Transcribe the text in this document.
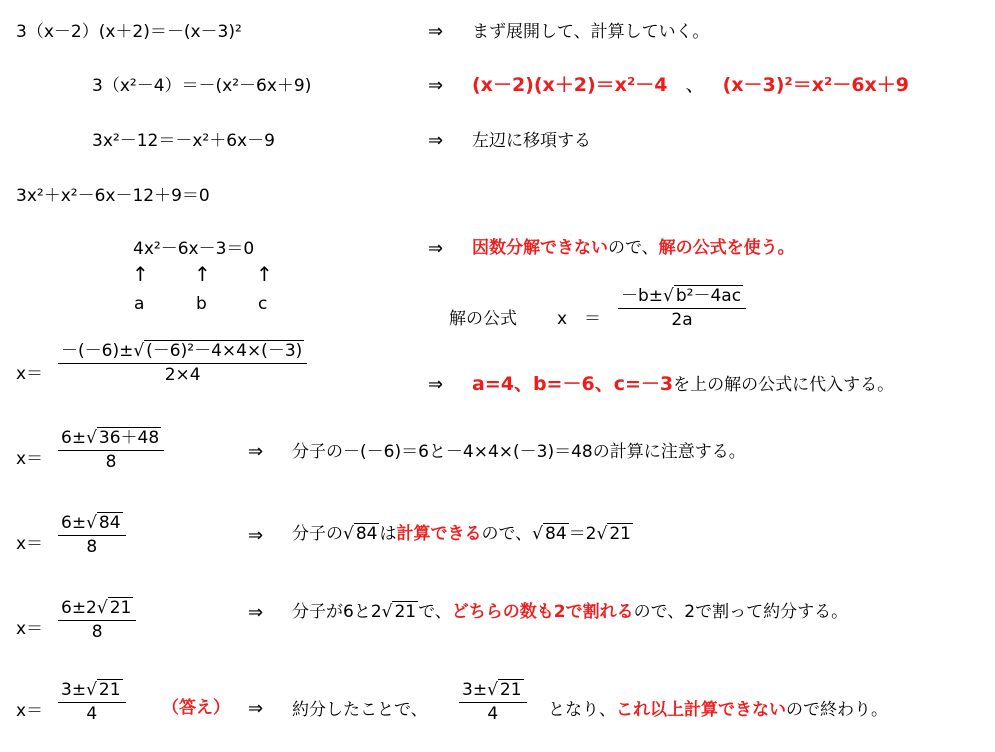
3（x－2）(x＋2)＝－(x－3)²	⇒ まず展開して、計算していく。
3（x²－4）＝－(x²－6x＋9)	⇒ (x－2)(x＋2)＝x²－4 、 (x－3)²＝x²－6x＋9
3x²－12＝－x²＋6x－9	⇒ 左辺に移項する
3x²＋x²－6x－12＋9＝0
4x²－6x－3＝0	⇒ 因数分解できないので、解の公式を使う。
↑ ↑ ↑
a	b	c
解の公式 x　＝ $\frac{\text{－b±√ b²－4ac}}{2a}$
$x= \frac{\text{－(－6)±√ (－6)²－4×4×(－3)}}{2\times 4}$
⇒ a=4、b=－6、c=－3を上の解の公式に代入する。
$x= \frac{6\pm√ 36+48}{8}$	⇒ 分子の－(－6)＝6と－4×4×(－3)＝48の計算に注意する。
$x= \frac{6\pm√ 84}{8}$	⇒ 分子の√ 84 は計算できるので、√ 84 ＝2√ 21
$x= \frac{6\pm 2√ 21}{8}$	⇒ 分子が6と2√ 21 で、どちらの数も2で割れるので、2で割って約分する。
$x= \frac{3\pm√ 21}{4}$ （答え） ⇒ 約分したことで、 $\frac{3\pm√ 21}{4}$ となり、これ以上計算できないので終わり。
